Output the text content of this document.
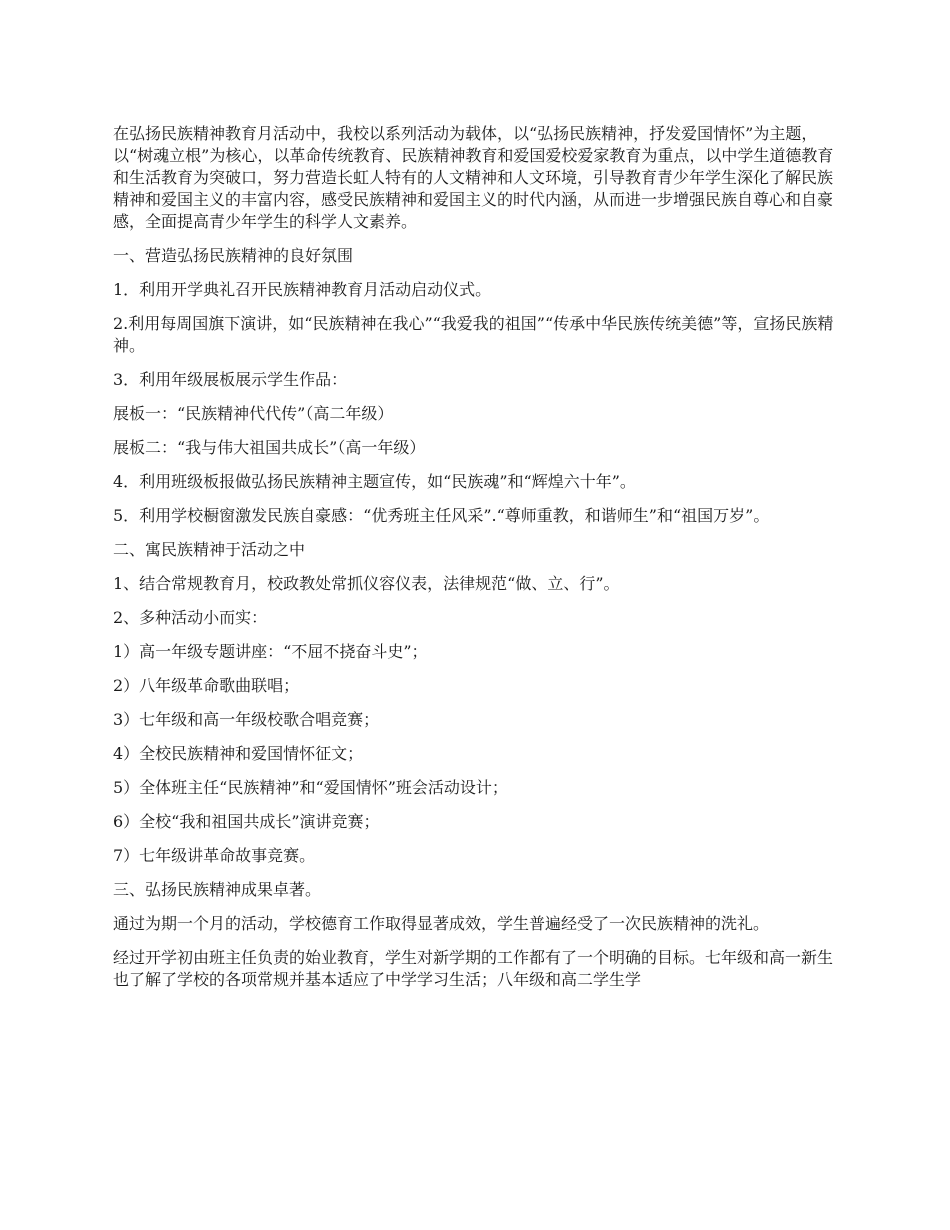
在弘扬民族精神教育月活动中，我校以系列活动为载体，以“弘扬民族精神，抒发爱国情怀”为主题，以“树魂立根”为核心，以革命传统教育、民族精神教育和爱国爱校爱家教育为重点，以中学生道德教育和生活教育为突破口，努力营造长虹人特有的人文精神和人文环境，引导教育青少年学生深化了解民族精神和爱国主义的丰富内容，感受民族精神和爱国主义的时代内涵，从而进一步增强民族自尊心和自豪感，全面提高青少年学生的科学人文素养。

一、营造弘扬民族精神的良好氛围

1．利用开学典礼召开民族精神教育月活动启动仪式。

2.利用每周国旗下演讲，如“民族精神在我心”“我爱我的祖国”“传承中华民族传统美德”等，宣扬民族精神。

3．利用年级展板展示学生作品：

展板一：“民族精神代代传”（高二年级）

展板二：“我与伟大祖国共成长”（高一年级）

4．利用班级板报做弘扬民族精神主题宣传，如“民族魂”和“辉煌六十年”。

5．利用学校橱窗激发民族自豪感：“优秀班主任风采”.“尊师重教，和谐师生”和“祖国万岁”。

二、寓民族精神于活动之中

1、结合常规教育月，校政教处常抓仪容仪表，法律规范“做、立、行”。

2、多种活动小而实：

1）高一年级专题讲座：“不屈不挠奋斗史”；

2）八年级革命歌曲联唱；

3）七年级和高一年级校歌合唱竞赛；

4）全校民族精神和爱国情怀征文；

5）全体班主任“民族精神”和“爱国情怀”班会活动设计；

6）全校“我和祖国共成长”演讲竞赛；

7）七年级讲革命故事竞赛。

三、弘扬民族精神成果卓著。

通过为期一个月的活动，学校德育工作取得显著成效，学生普遍经受了一次民族精神的洗礼。

经过开学初由班主任负责的始业教育，学生对新学期的工作都有了一个明确的目标。七年级和高一新生也了解了学校的各项常规并基本适应了中学学习生活；八年级和高二学生学
